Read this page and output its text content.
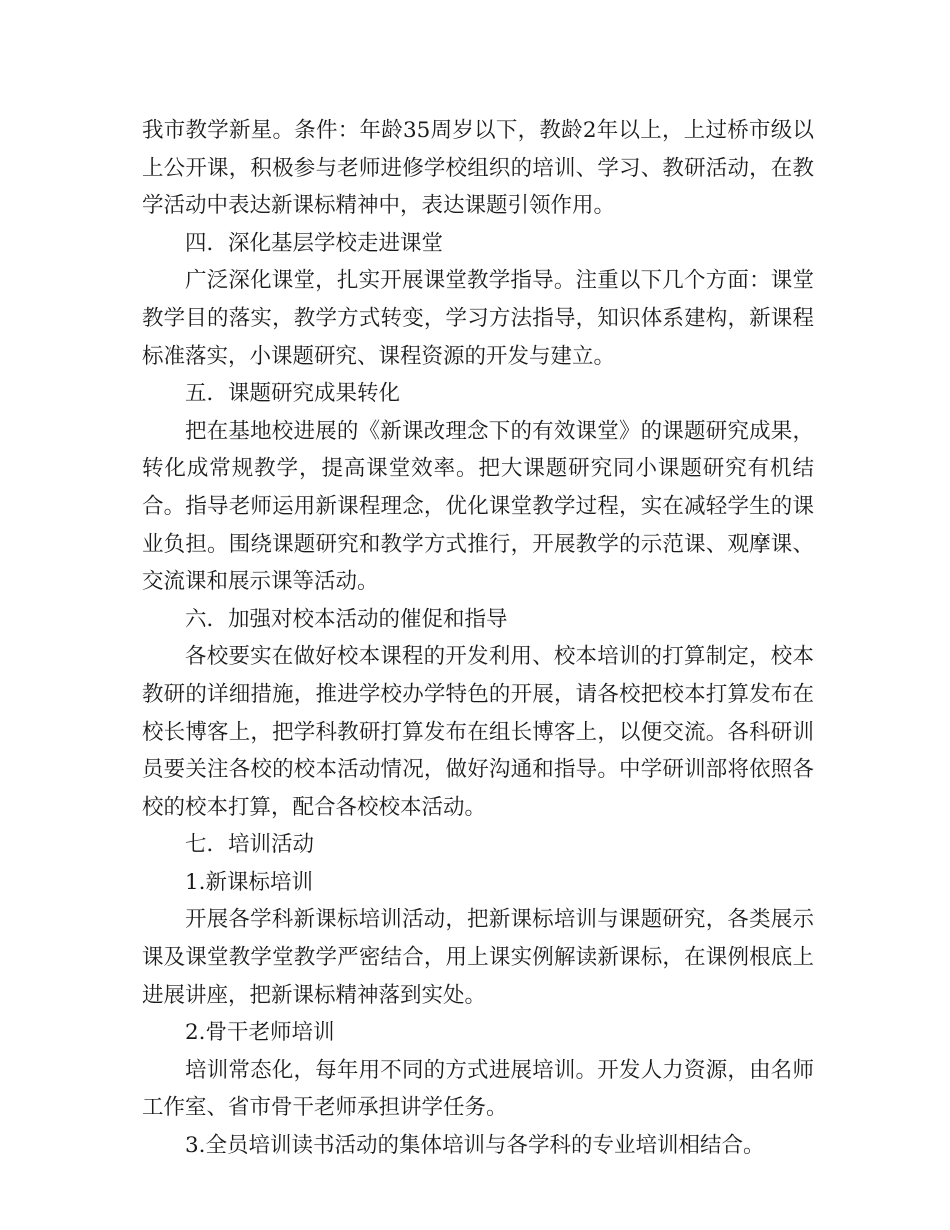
我市教学新星。条件：年龄35周岁以下，教龄2年以上，上过桥市级以上公开课，积极参与老师进修学校组织的培训、学习、教研活动，在教学活动中表达新课标精神中，表达课题引领作用。

四．深化基层学校走进课堂

广泛深化课堂，扎实开展课堂教学指导。注重以下几个方面：课堂教学目的落实，教学方式转变，学习方法指导，知识体系建构，新课程标准落实，小课题研究、课程资源的开发与建立。

五．课题研究成果转化

把在基地校进展的《新课改理念下的有效课堂》的课题研究成果，转化成常规教学，提高课堂效率。把大课题研究同小课题研究有机结合。指导老师运用新课程理念，优化课堂教学过程，实在减轻学生的课业负担。围绕课题研究和教学方式推行，开展教学的示范课、观摩课、交流课和展示课等活动。

六．加强对校本活动的催促和指导

各校要实在做好校本课程的开发利用、校本培训的打算制定，校本教研的详细措施，推进学校办学特色的开展，请各校把校本打算发布在校长博客上，把学科教研打算发布在组长博客上，以便交流。各科研训员要关注各校的校本活动情况，做好沟通和指导。中学研训部将依照各校的校本打算，配合各校校本活动。

七．培训活动

1.新课标培训

开展各学科新课标培训活动，把新课标培训与课题研究，各类展示课及课堂教学堂教学严密结合，用上课实例解读新课标，在课例根底上进展讲座，把新课标精神落到实处。

2.骨干老师培训

培训常态化，每年用不同的方式进展培训。开发人力资源，由名师工作室、省市骨干老师承担讲学任务。

3.全员培训读书活动的集体培训与各学科的专业培训相结合。
